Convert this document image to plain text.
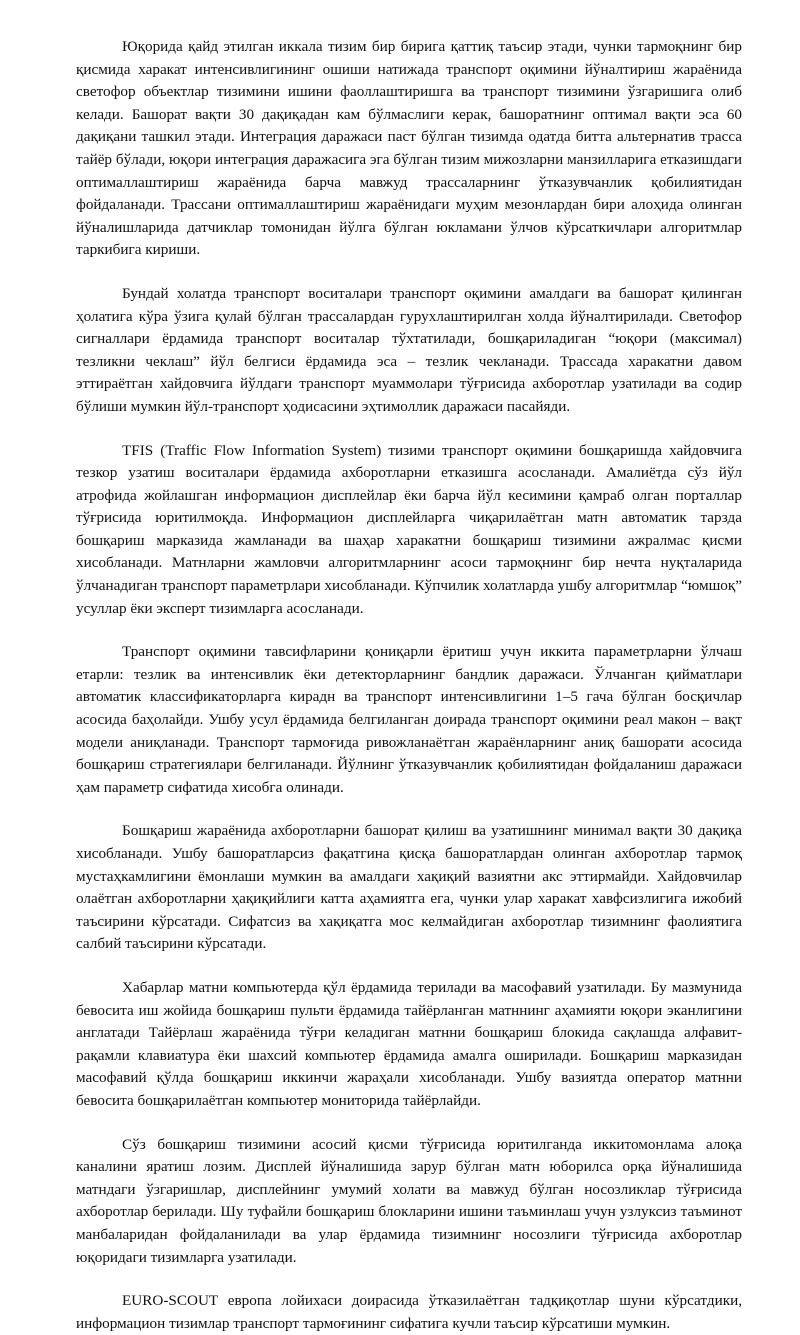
Юқорида қайд этилган иккала тизим бир бирига қаттиқ таъсир этади, чунки тармоқнинг бир қисмида харакат интенсивлигининг ошиши натижада транспорт оқимини йўналтириш жараёнида светофор объектлар тизимини ишини фаоллаштиришга ва транспорт тизимини ўзгаришига олиб келади. Башорат вақти 30 дақиқадан кам бўлмаслиги керак, башоратнинг оптимал вақти эса 60 дақиқани ташкил этади. Интеграция даражаси паст бўлган тизимда одатда битта альтернатив трасса тайёр бўлади, юқори интеграция даражасига эга бўлган тизим мижозларни манзилларига етказишдаги оптималлаштириш жараёнида барча мавжуд трассаларнинг ўтказувчанлик қобилиятидан фойдаланади. Трассани оптималлаштириш жараёнидаги муҳим мезонлардан бири алоҳида олинган йўналишларида датчиклар томонидан йўлга бўлган юкламани ўлчов кўрсаткичлари алгоритмлар таркибига кириши.

Бундай холатда транспорт воситалари транспорт оқимини амалдаги ва башорат қилинган ҳолатига кўра ўзига қулай бўлган трассалардан гурухлаштирилган холда йўналтирилади. Светофор сигналлари ёрдамида транспорт воситалар тўхтатилади, бошқариладиган “юқори (максимал) тезликни чеклаш” йўл белгиси ёрдамида эса – тезлик чекланади. Трассада харакатни давом эттираётган хайдовчига йўлдаги транспорт муаммолари тўғрисида ахборотлар узатилади ва содир бўлиши мумкин йўл-транспорт ҳодисасини эҳтимоллик даражаси пасайяди.

TFIS (Traffic Flow Information System) тизими транспорт оқимини бошқаришда хайдовчига тезкор узатиш воситалари ёрдамида ахборотларни етказишга асосланади. Амалиётда сўз йўл атрофида жойлашган информацион дисплейлар ёки барча йўл кесимини қамраб олган порталлар тўғрисида юритилмоқда. Информацион дисплейларга чиқарилаётган матн автоматик тарзда бошқариш марказида жамланади ва шаҳар харакатни бошқариш тизимини ажралмас қисми хисобланади. Матнларни жамловчи алгоритмларнинг асоси тармоқнинг бир нечта нуқталарида ўлчанадиган транспорт параметрлари хисобланади. Кўпчилик холатларда ушбу алгоритмлар “юмшоқ” усуллар ёки эксперт тизимларга асосланади.

Транспорт оқимини тавсифларини қониқарли ёритиш учун иккита параметрларни ўлчаш етарли: тезлик ва интенсивлик ёки детекторларнинг бандлик даражаси. Ўлчанган қийматлари автоматик классификаторларга кирадн ва транспорт интенсивлигини 1–5 гача бўлган босқичлар асосида баҳолайди. Ушбу усул ёрдамида белгиланган доирада транспорт оқимини реал макон – вақт модели аниқланади. Транспорт тармоғида ривожланаётган жараёнларнинг аниқ башорати асосида бошқариш стратегиялари белгиланади. Йўлнинг ўтказувчанлик қобилиятидан фойдаланиш даражаси ҳам параметр сифатида хисобга олинади.

Бошқариш жараёнида ахборотларни башорат қилиш ва узатишнинг минимал вақти 30 дақиқа хисобланади. Ушбу башоратларсиз фақатгина қисқа башоратлардан олинган ахборотлар тармоқ мустаҳкамлигини ёмонлаши мумкин ва амалдаги хақиқий вазиятни акс эттирмайди. Хайдовчилар олаётган ахборотларни ҳақиқийлиги катта аҳамиятга ега, чунки улар харакат хавфсизлигига ижобий таъсирини кўрсатади. Сифатсиз ва хақиқатга мос келмайдиган ахборотлар тизимнинг фаолиятига салбий таъсирини кўрсатади.

Хабарлар матни компьютерда қўл ёрдамида терилади ва масофавий узатилади. Бу мазмунида бевосита иш жойида бошқариш пульти ёрдамида тайёрланган матннинг аҳамияти юқори эканлигини англатади Тайёрлаш жараёнида тўғри келадиган матнни бошқариш блокида сақлашда алфавит-рақамли клавиатура ёки шахсий компьютер ёрдамида амалга оширилади. Бошқариш марказидан масофавий қўлда бошқариш иккинчи жараҳали хисобланади. Ушбу вазиятда оператор матнни бевосита бошқарилаётган компьютер мониторида тайёрлайди.

Сўз бошқариш тизимини асосий қисми тўғрисида юритилганда иккитомонлама алоқа каналини яратиш лозим. Дисплей йўналишида зарур бўлган матн юборилса орқа йўналишида матндаги ўзгаришлар, дисплейнинг умумий холати ва мавжуд бўлган носозликлар тўғрисида ахборотлар берилади. Шу туфайли бошқариш блокларини ишини таъминлаш учун узлуксиз таъминот манбаларидан фойдаланилади ва улар ёрдамида тизимнинг носозлиги тўғрисида ахборотлар юқоридаги тизимларга узатилади.

EURO-SCOUT европа лойихаси доирасида ўтказилаётган тадқиқотлар шуни кўрсатдики, информацион тизимлар транспорт тармоғининг сифатига кучли таъсир кўрсатиши мумкин.
